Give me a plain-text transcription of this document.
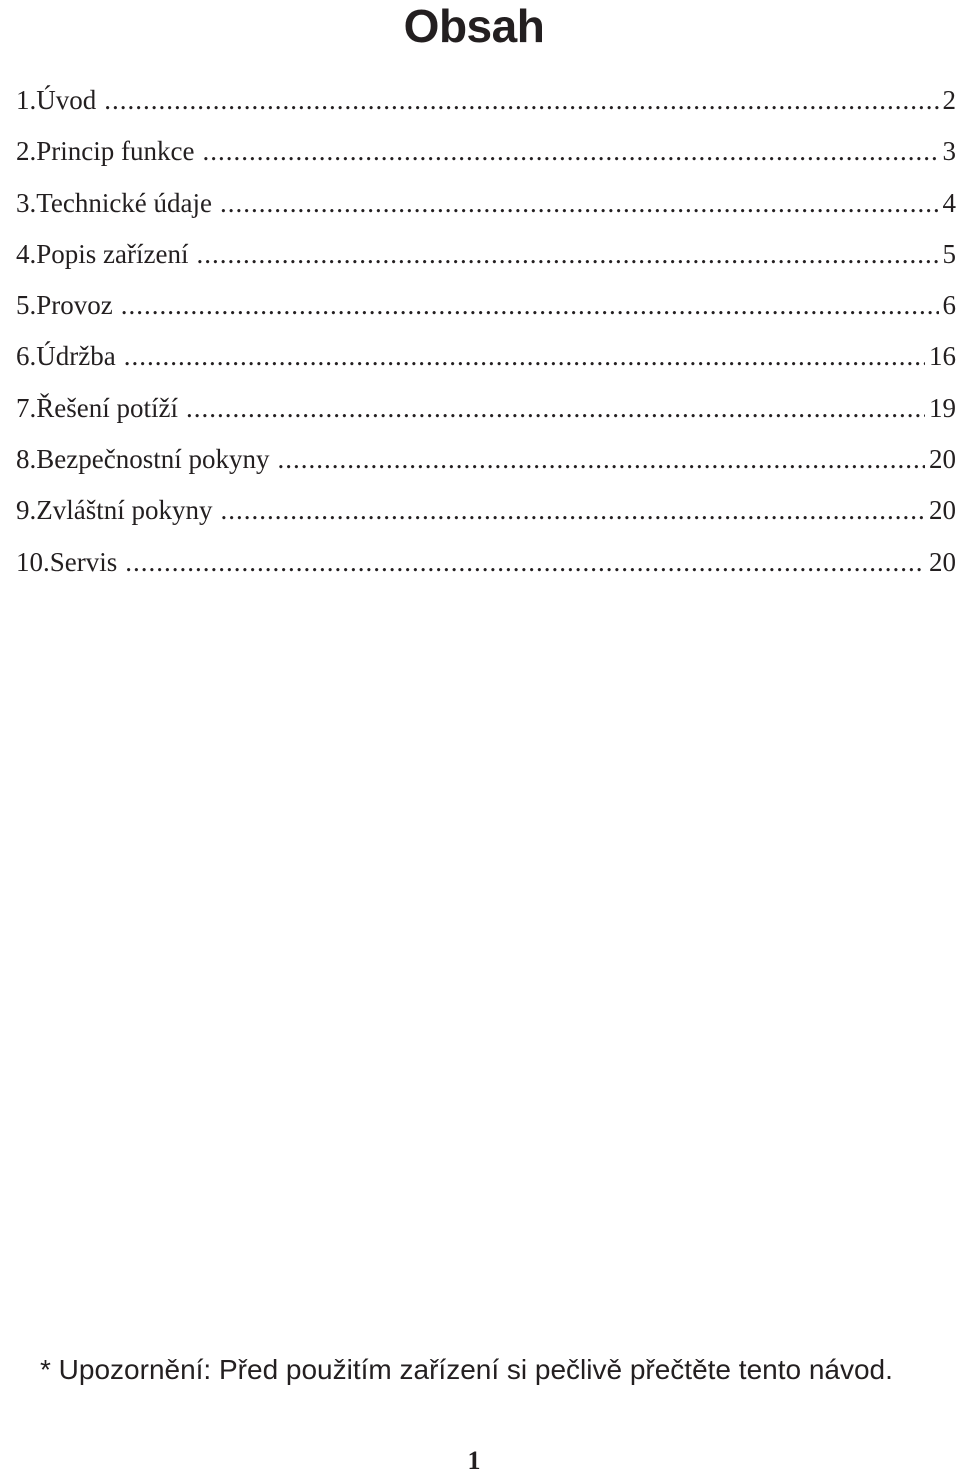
Obsah
1. Úvod .....	2
2. Princip funkce .....	3
3. Technické údaje .....	4
4. Popis zařízení .....	5
5. Provoz .....	6
6. Údržba .....	16
7. Řešení potíží .....	19
8. Bezpečnostní pokyny .....	20
9. Zvláštní pokyny .....	20
10. Servis .....	20

* Upozornění: Před použitím zařízení si pečlivě přečtěte tento návod.

1
